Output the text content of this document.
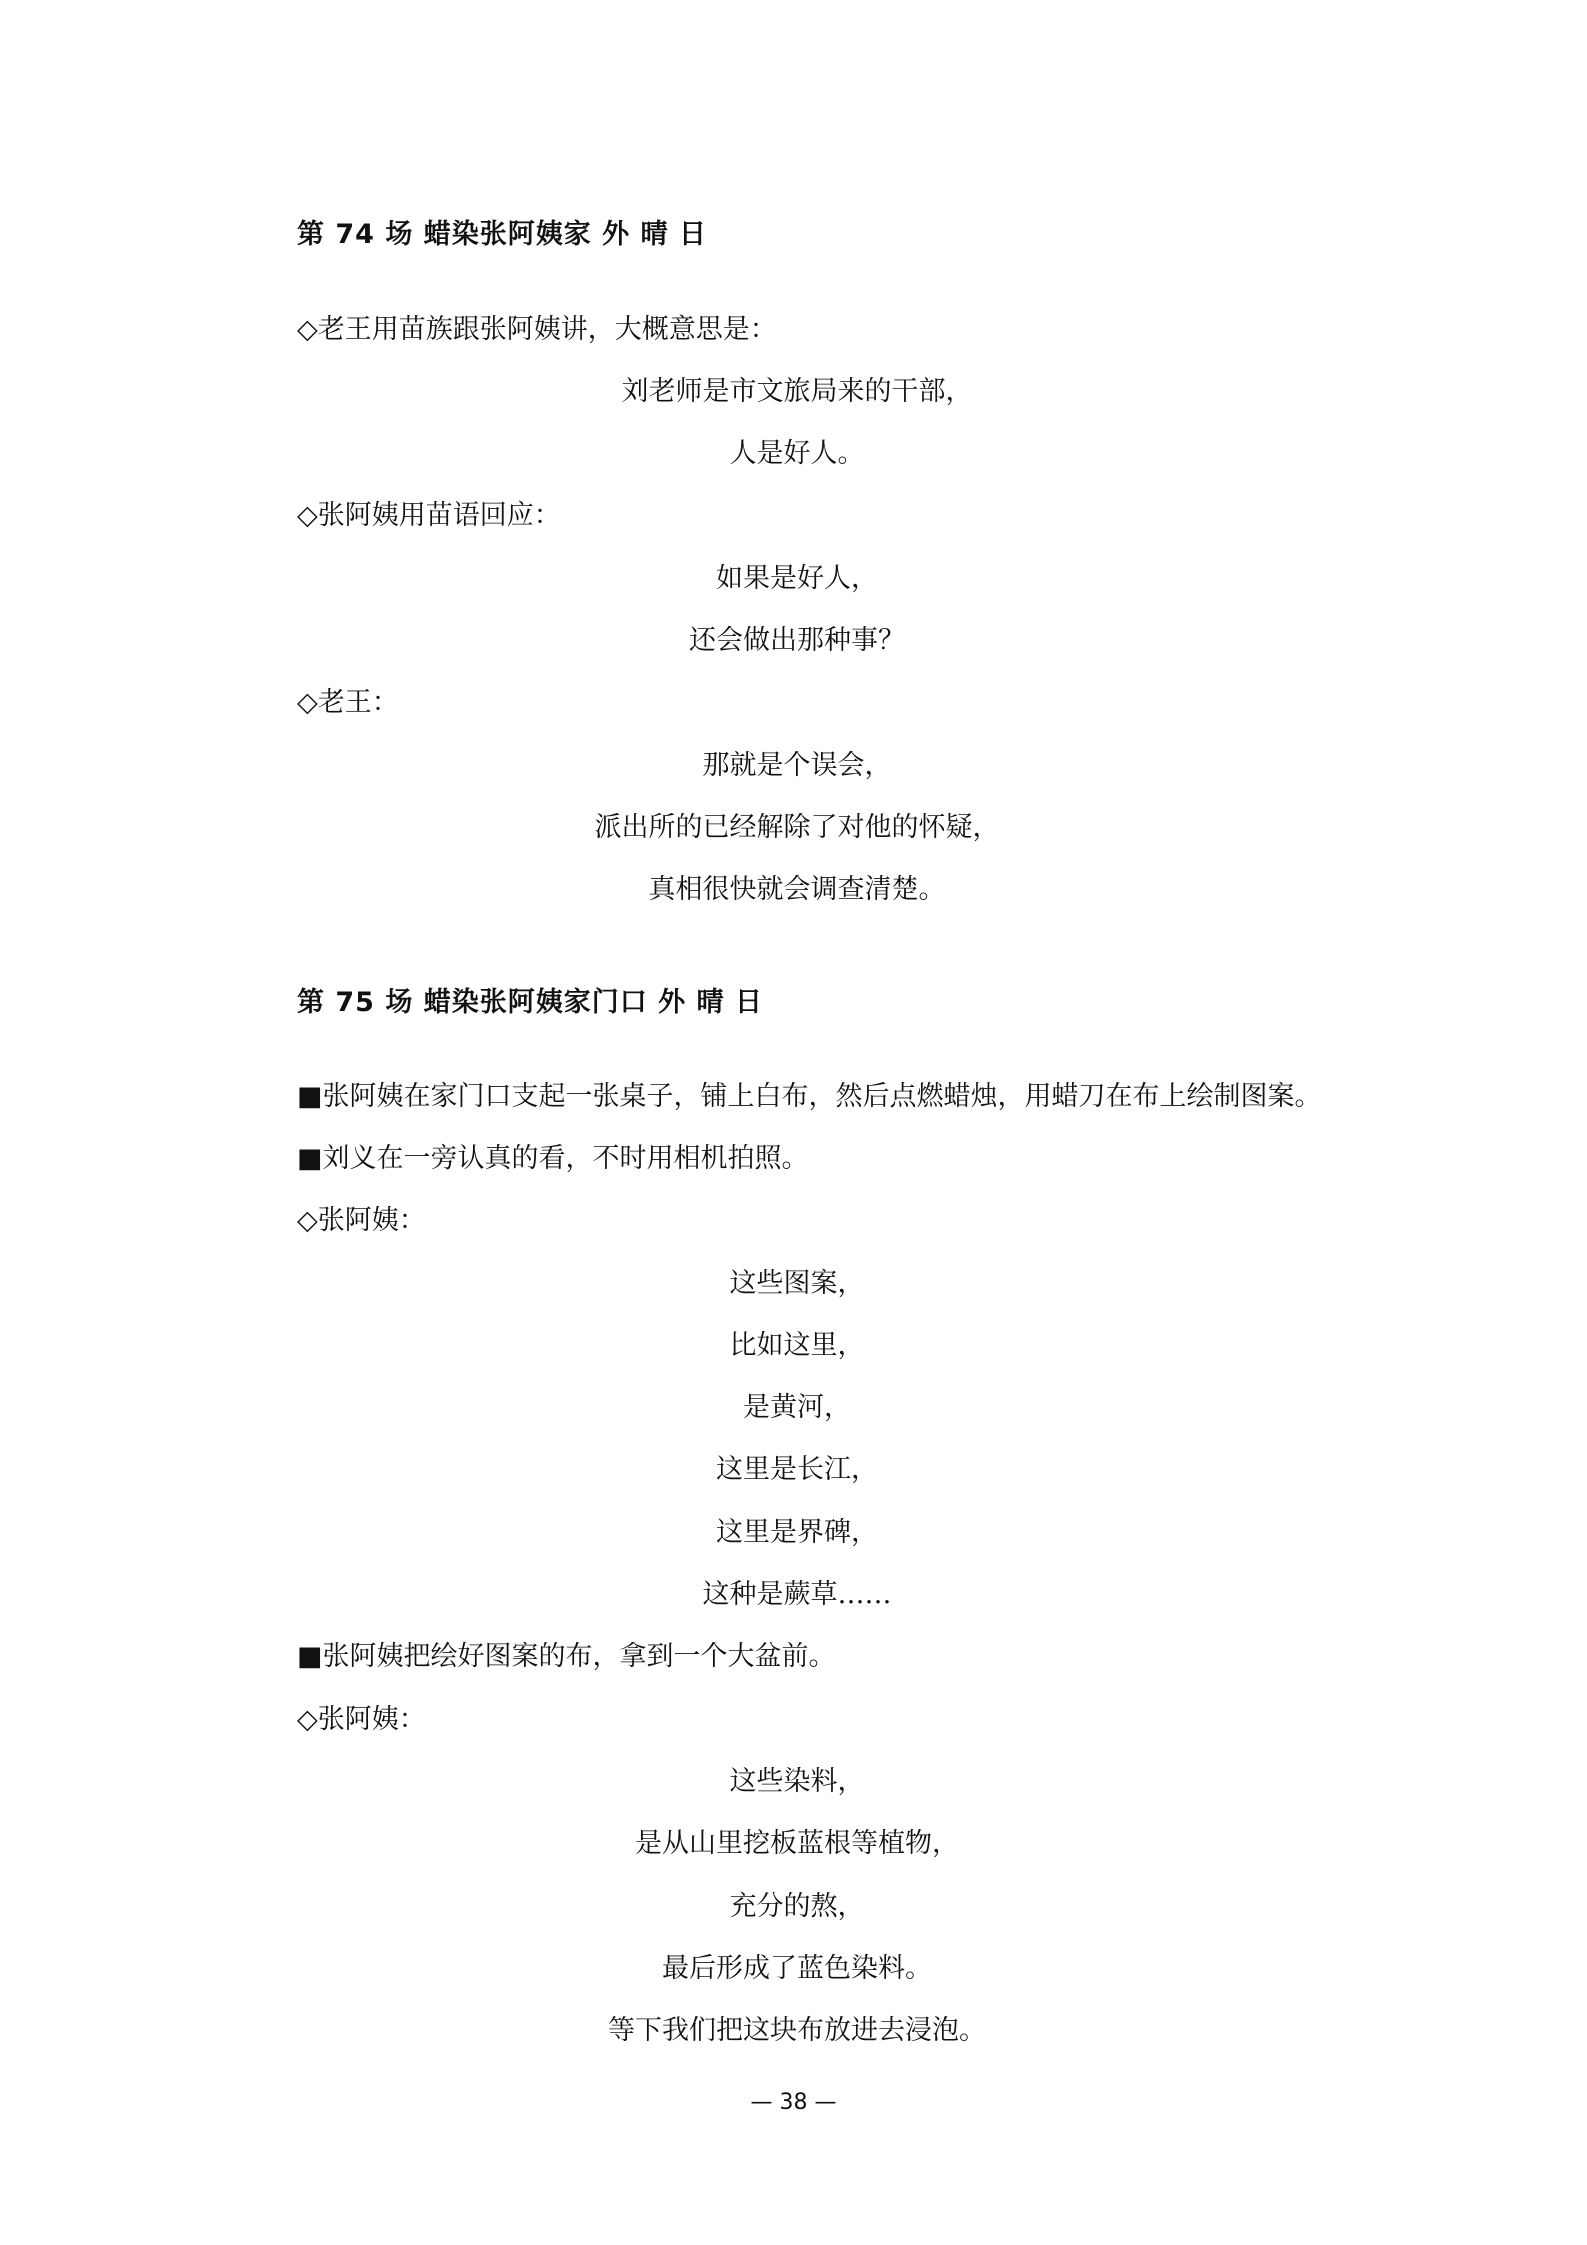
第 74 场 蜡染张阿姨家 外 晴 日
◇老王用苗族跟张阿姨讲，大概意思是：
刘老师是市文旅局来的干部，
人是好人。
◇张阿姨用苗语回应：
如果是好人，
还会做出那种事？
◇老王：
那就是个误会，
派出所的已经解除了对他的怀疑，
真相很快就会调查清楚。
第 75 场 蜡染张阿姨家门口 外 晴 日
■张阿姨在家门口支起一张桌子，铺上白布，然后点燃蜡烛，用蜡刀在布上绘制图案。
■刘义在一旁认真的看，不时用相机拍照。
◇张阿姨：
这些图案，
比如这里，
是黄河，
这里是长江，
这里是界碑，
这种是蕨草……
■张阿姨把绘好图案的布，拿到一个大盆前。
◇张阿姨：
这些染料，
是从山里挖板蓝根等植物，
充分的熬，
最后形成了蓝色染料。
等下我们把这块布放进去浸泡。
— 38 —
